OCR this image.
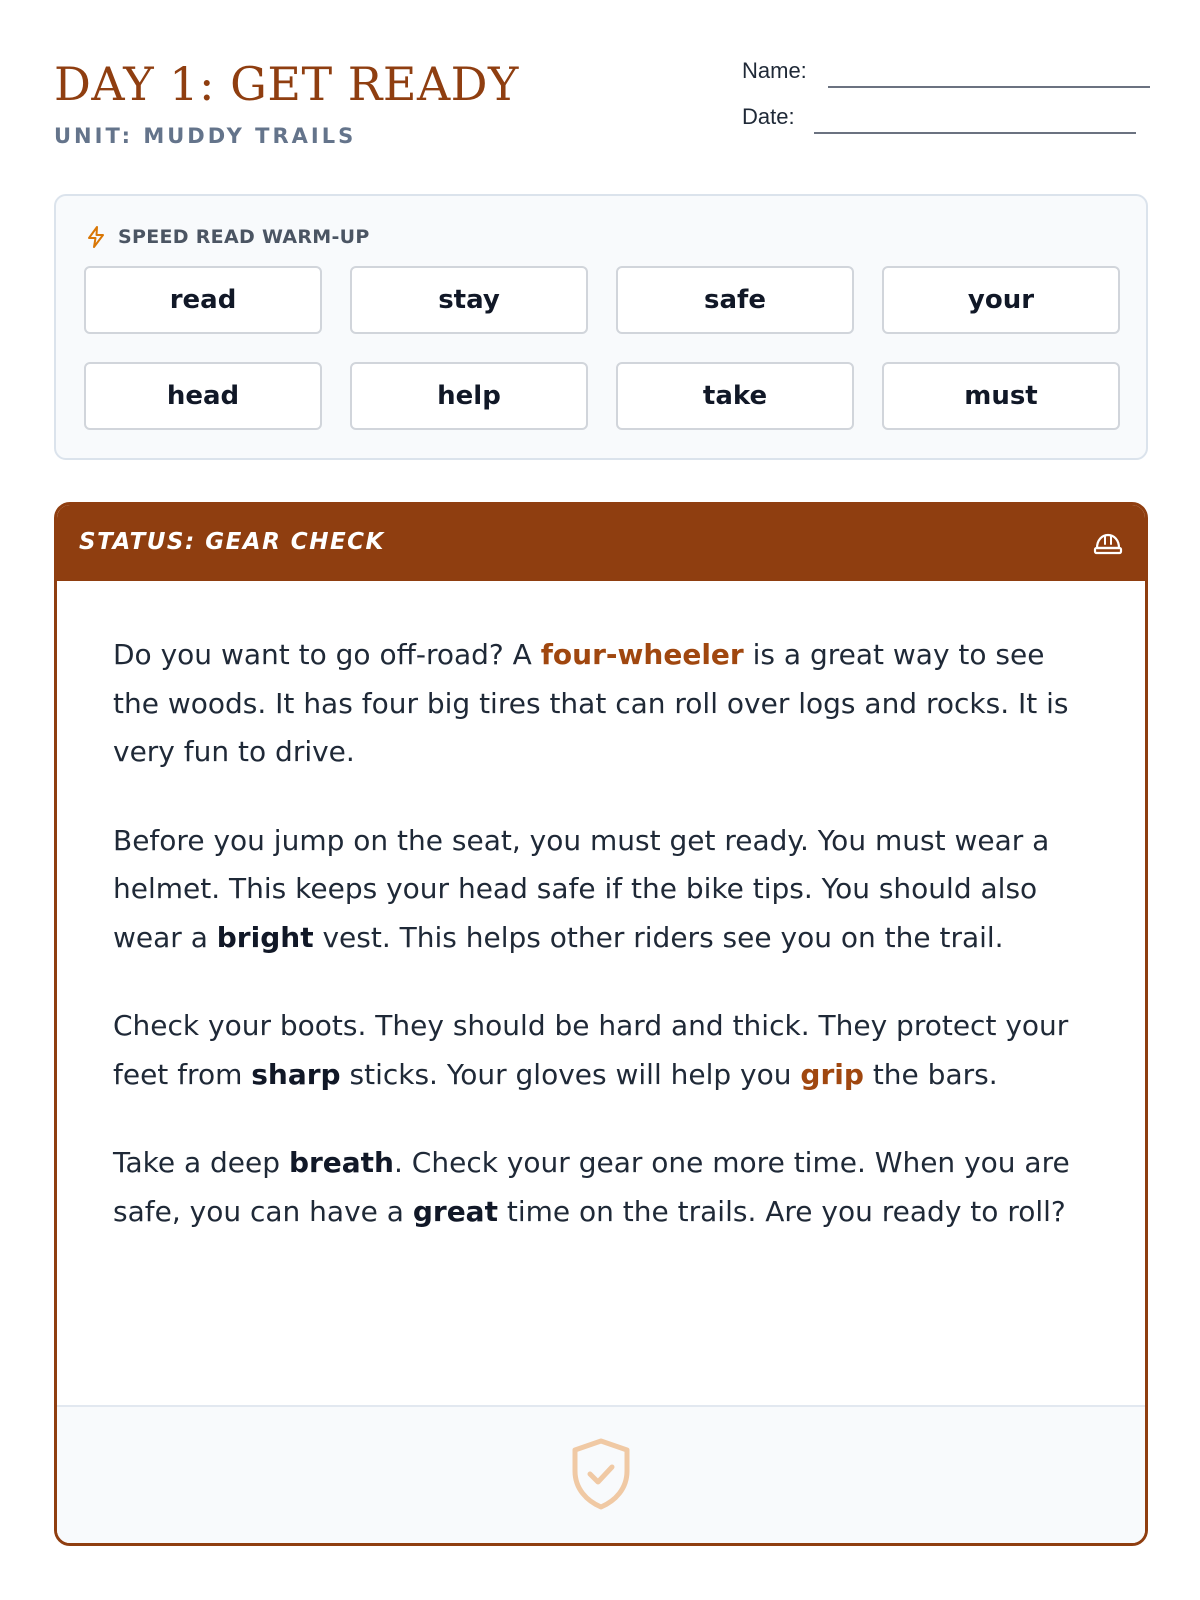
DAY 1: GET READY
UNIT: MUDDY TRAILS
Name:
Date:
SPEED READ WARM-UP
read	stay	safe	your
head	help	take	must
STATUS: GEAR CHECK

Do you want to go off-road? A four-wheeler is a great way to see the woods. It has four big tires that can roll over logs and rocks. It is very fun to drive.

Before you jump on the seat, you must get ready. You must wear a helmet. This keeps your head safe if the bike tips. You should also wear a bright vest. This helps other riders see you on the trail.

Check your boots. They should be hard and thick. They protect your feet from sharp sticks. Your gloves will help you grip the bars.

Take a deep breath. Check your gear one more time. When you are safe, you can have a great time on the trails. Are you ready to roll?
